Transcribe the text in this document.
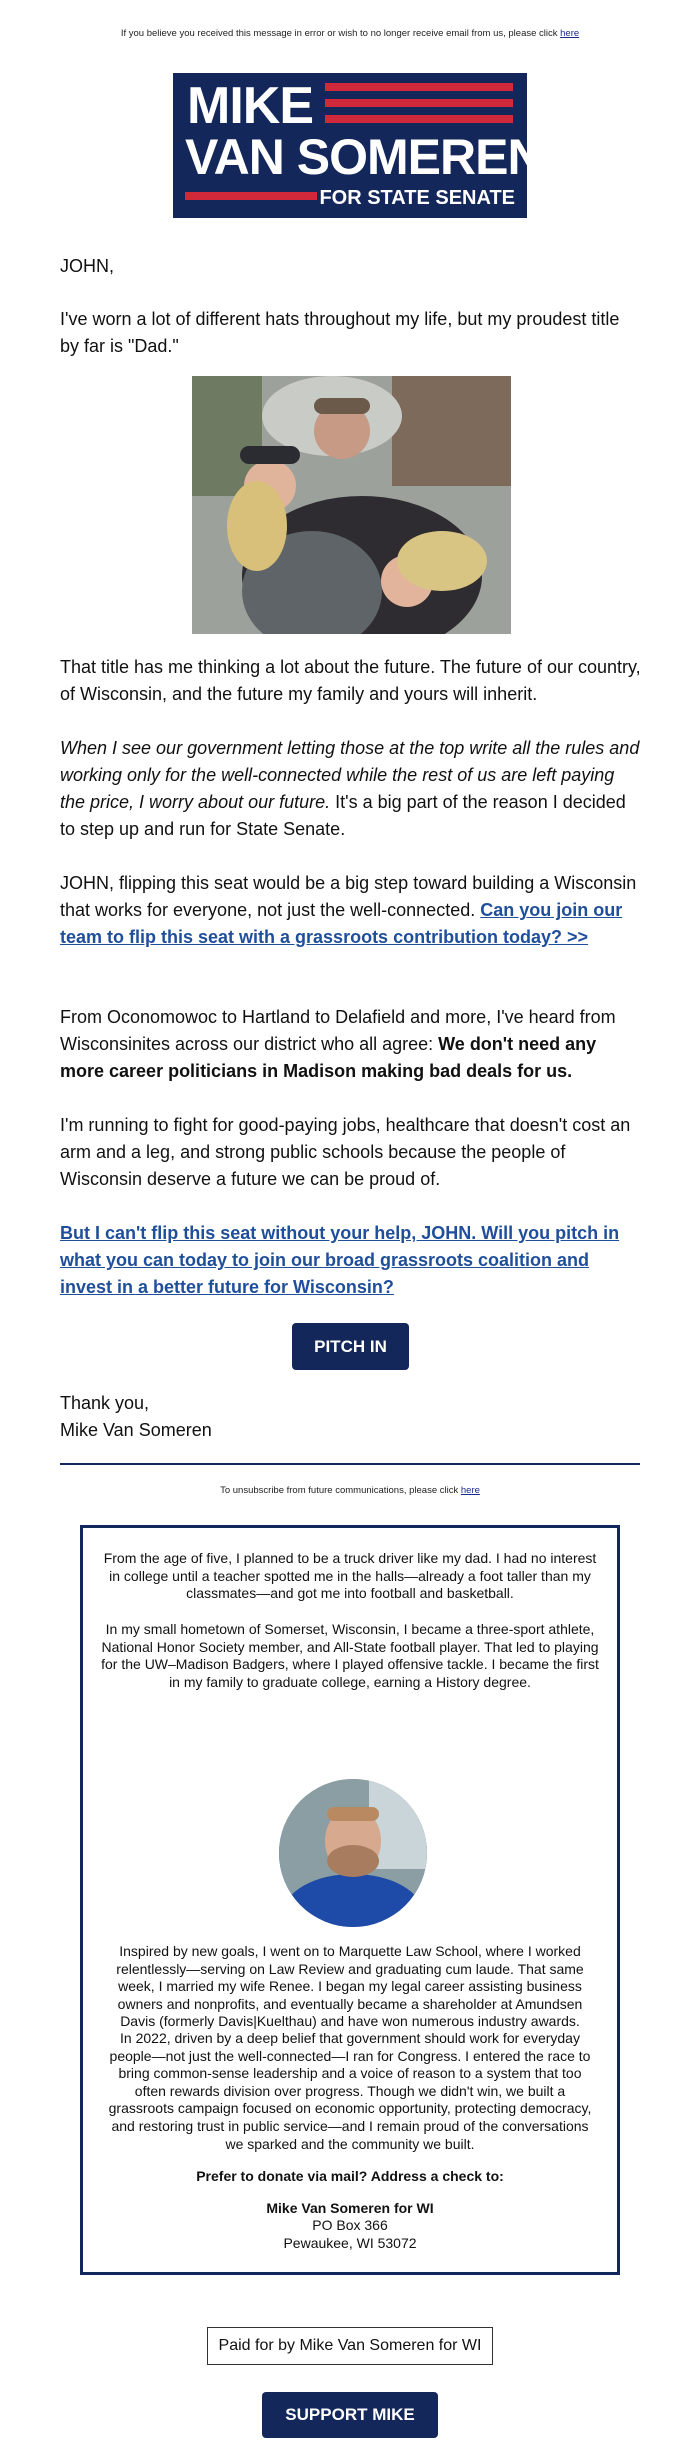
If you believe you received this message in error or wish to no longer receive email from us, please click here
MIKE
VAN SOMEREN
FOR STATE SENATE

JOHN,

I've worn a lot of different hats throughout my life, but my proudest title by far is "Dad."

That title has me thinking a lot about the future. The future of our country, of Wisconsin, and the future my family and yours will inherit.

When I see our government letting those at the top write all the rules and working only for the well-connected while the rest of us are left paying the price, I worry about our future. It's a big part of the reason I decided to step up and run for State Senate.

JOHN, flipping this seat would be a big step toward building a Wisconsin that works for everyone, not just the well-connected. Can you join our team to flip this seat with a grassroots contribution today? >>

From Oconomowoc to Hartland to Delafield and more, I've heard from Wisconsinites across our district who all agree: We don't need any more career politicians in Madison making bad deals for us.

I'm running to fight for good-paying jobs, healthcare that doesn't cost an arm and a leg, and strong public schools because the people of Wisconsin deserve a future we can be proud of.

But I can't flip this seat without your help, JOHN. Will you pitch in what you can today to join our broad grassroots coalition and invest in a better future for Wisconsin?

PITCH IN

Thank you,

Mike Van Someren

To unsubscribe from future communications, please click here

From the age of five, I planned to be a truck driver like my dad. I had no interest in college until a teacher spotted me in the halls—already a foot taller than my classmates—and got me into football and basketball.

In my small hometown of Somerset, Wisconsin, I became a three-sport athlete, National Honor Society member, and All-State football player. That led to playing for the UW–Madison Badgers, where I played offensive tackle. I became the first in my family to graduate college, earning a History degree.

Inspired by new goals, I went on to Marquette Law School, where I worked relentlessly—serving on Law Review and graduating cum laude. That same week, I married my wife Renee. I began my legal career assisting business owners and nonprofits, and eventually became a shareholder at Amundsen Davis (formerly Davis|Kuelthau) and have won numerous industry awards.

In 2022, driven by a deep belief that government should work for everyday people—not just the well-connected—I ran for Congress. I entered the race to bring common-sense leadership and a voice of reason to a system that too often rewards division over progress. Though we didn't win, we built a grassroots campaign focused on economic opportunity, protecting democracy, and restoring trust in public service—and I remain proud of the conversations we sparked and the community we built.

Prefer to donate via mail? Address a check to:

Mike Van Someren for WI

PO Box 366

Pewaukee, WI 53072

Paid for by Mike Van Someren for WI
SUPPORT MIKE
